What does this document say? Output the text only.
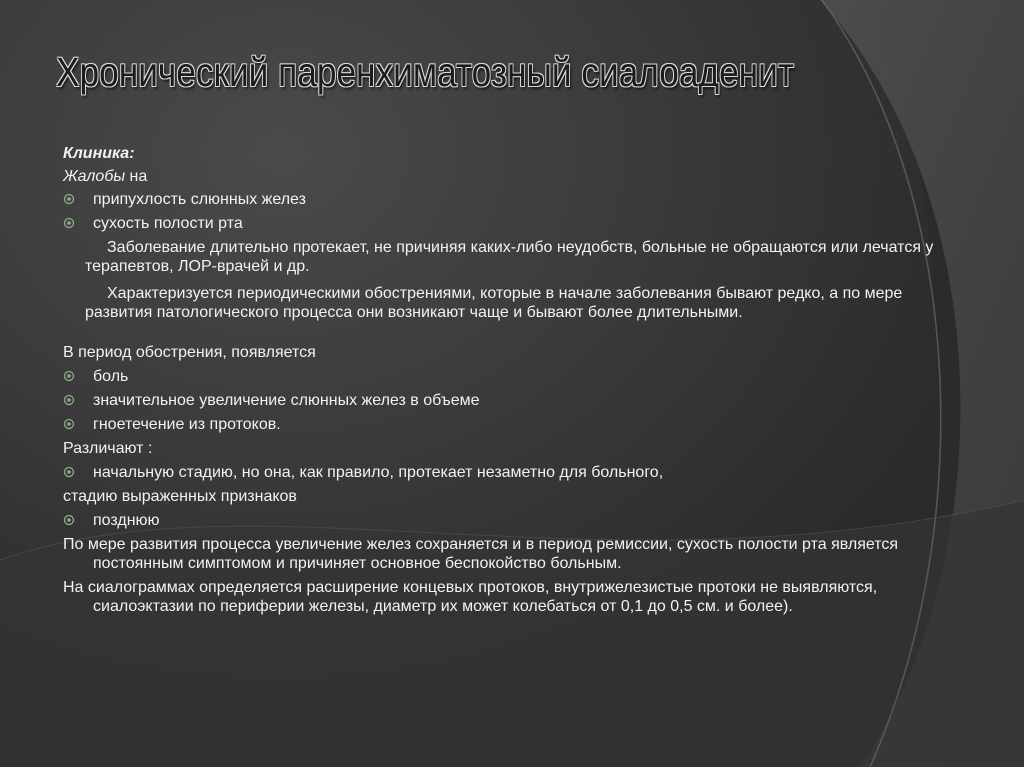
Хронический паренхиматозный сиалоаденит

Клиника:

Жалобы на

припухлость слюнных желез
сухость полости рта

Заболевание длительно протекает, не причиняя каких-либо неудобств, больные не обращаются или лечатся у терапевтов, ЛОР-врачей и др.

Характеризуется периодическими обострениями, которые в начале заболевания бывают редко, а по мере развития патологического процесса они возникают чаще и бывают более длительными.

В период обострения, появляется

боль
значительное увеличение слюнных желез в объеме
гноетечение из протоков.

Различают :

начальную стадию, но она, как правило, протекает незаметно для больного,

стадию выраженных признаков

позднюю

По мере развития процесса увеличение желез сохраняется и в период ремиссии, сухость полости рта является постоянным симптомом и причиняет основное беспокойство больным.

На сиалограммах определяется расширение концевых протоков, внутрижелезистые протоки не выявляются, сиалоэктазии по периферии железы, диаметр их может колебаться от 0,1 до 0,5 см. и более).
